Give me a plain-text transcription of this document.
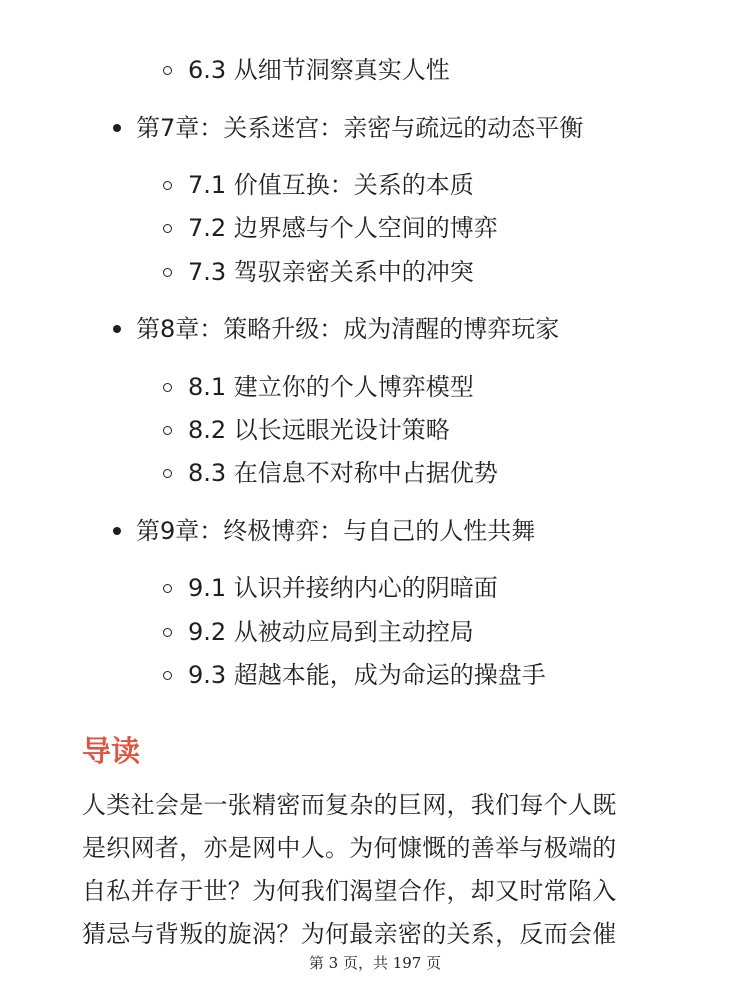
6.3 从细节洞察真实人性
第7章：关系迷宫：亲密与疏远的动态平衡
7.1 价值互换：关系的本质
7.2 边界感与个人空间的博弈
7.3 驾驭亲密关系中的冲突
第8章：策略升级：成为清醒的博弈玩家
8.1 建立你的个人博弈模型
8.2 以长远眼光设计策略
8.3 在信息不对称中占据优势
第9章：终极博弈：与自己的人性共舞
9.1 认识并接纳内心的阴暗面
9.2 从被动应局到主动控局
9.3 超越本能，成为命运的操盘手
导读
人类社会是一张精密而复杂的巨网，我们每个人既
是织网者，亦是网中人。为何慷慨的善举与极端的
自私并存于世？为何我们渴望合作，却又时常陷入
猜忌与背叛的旋涡？为何最亲密的关系，反而会催
第 3 页，共 197 页
